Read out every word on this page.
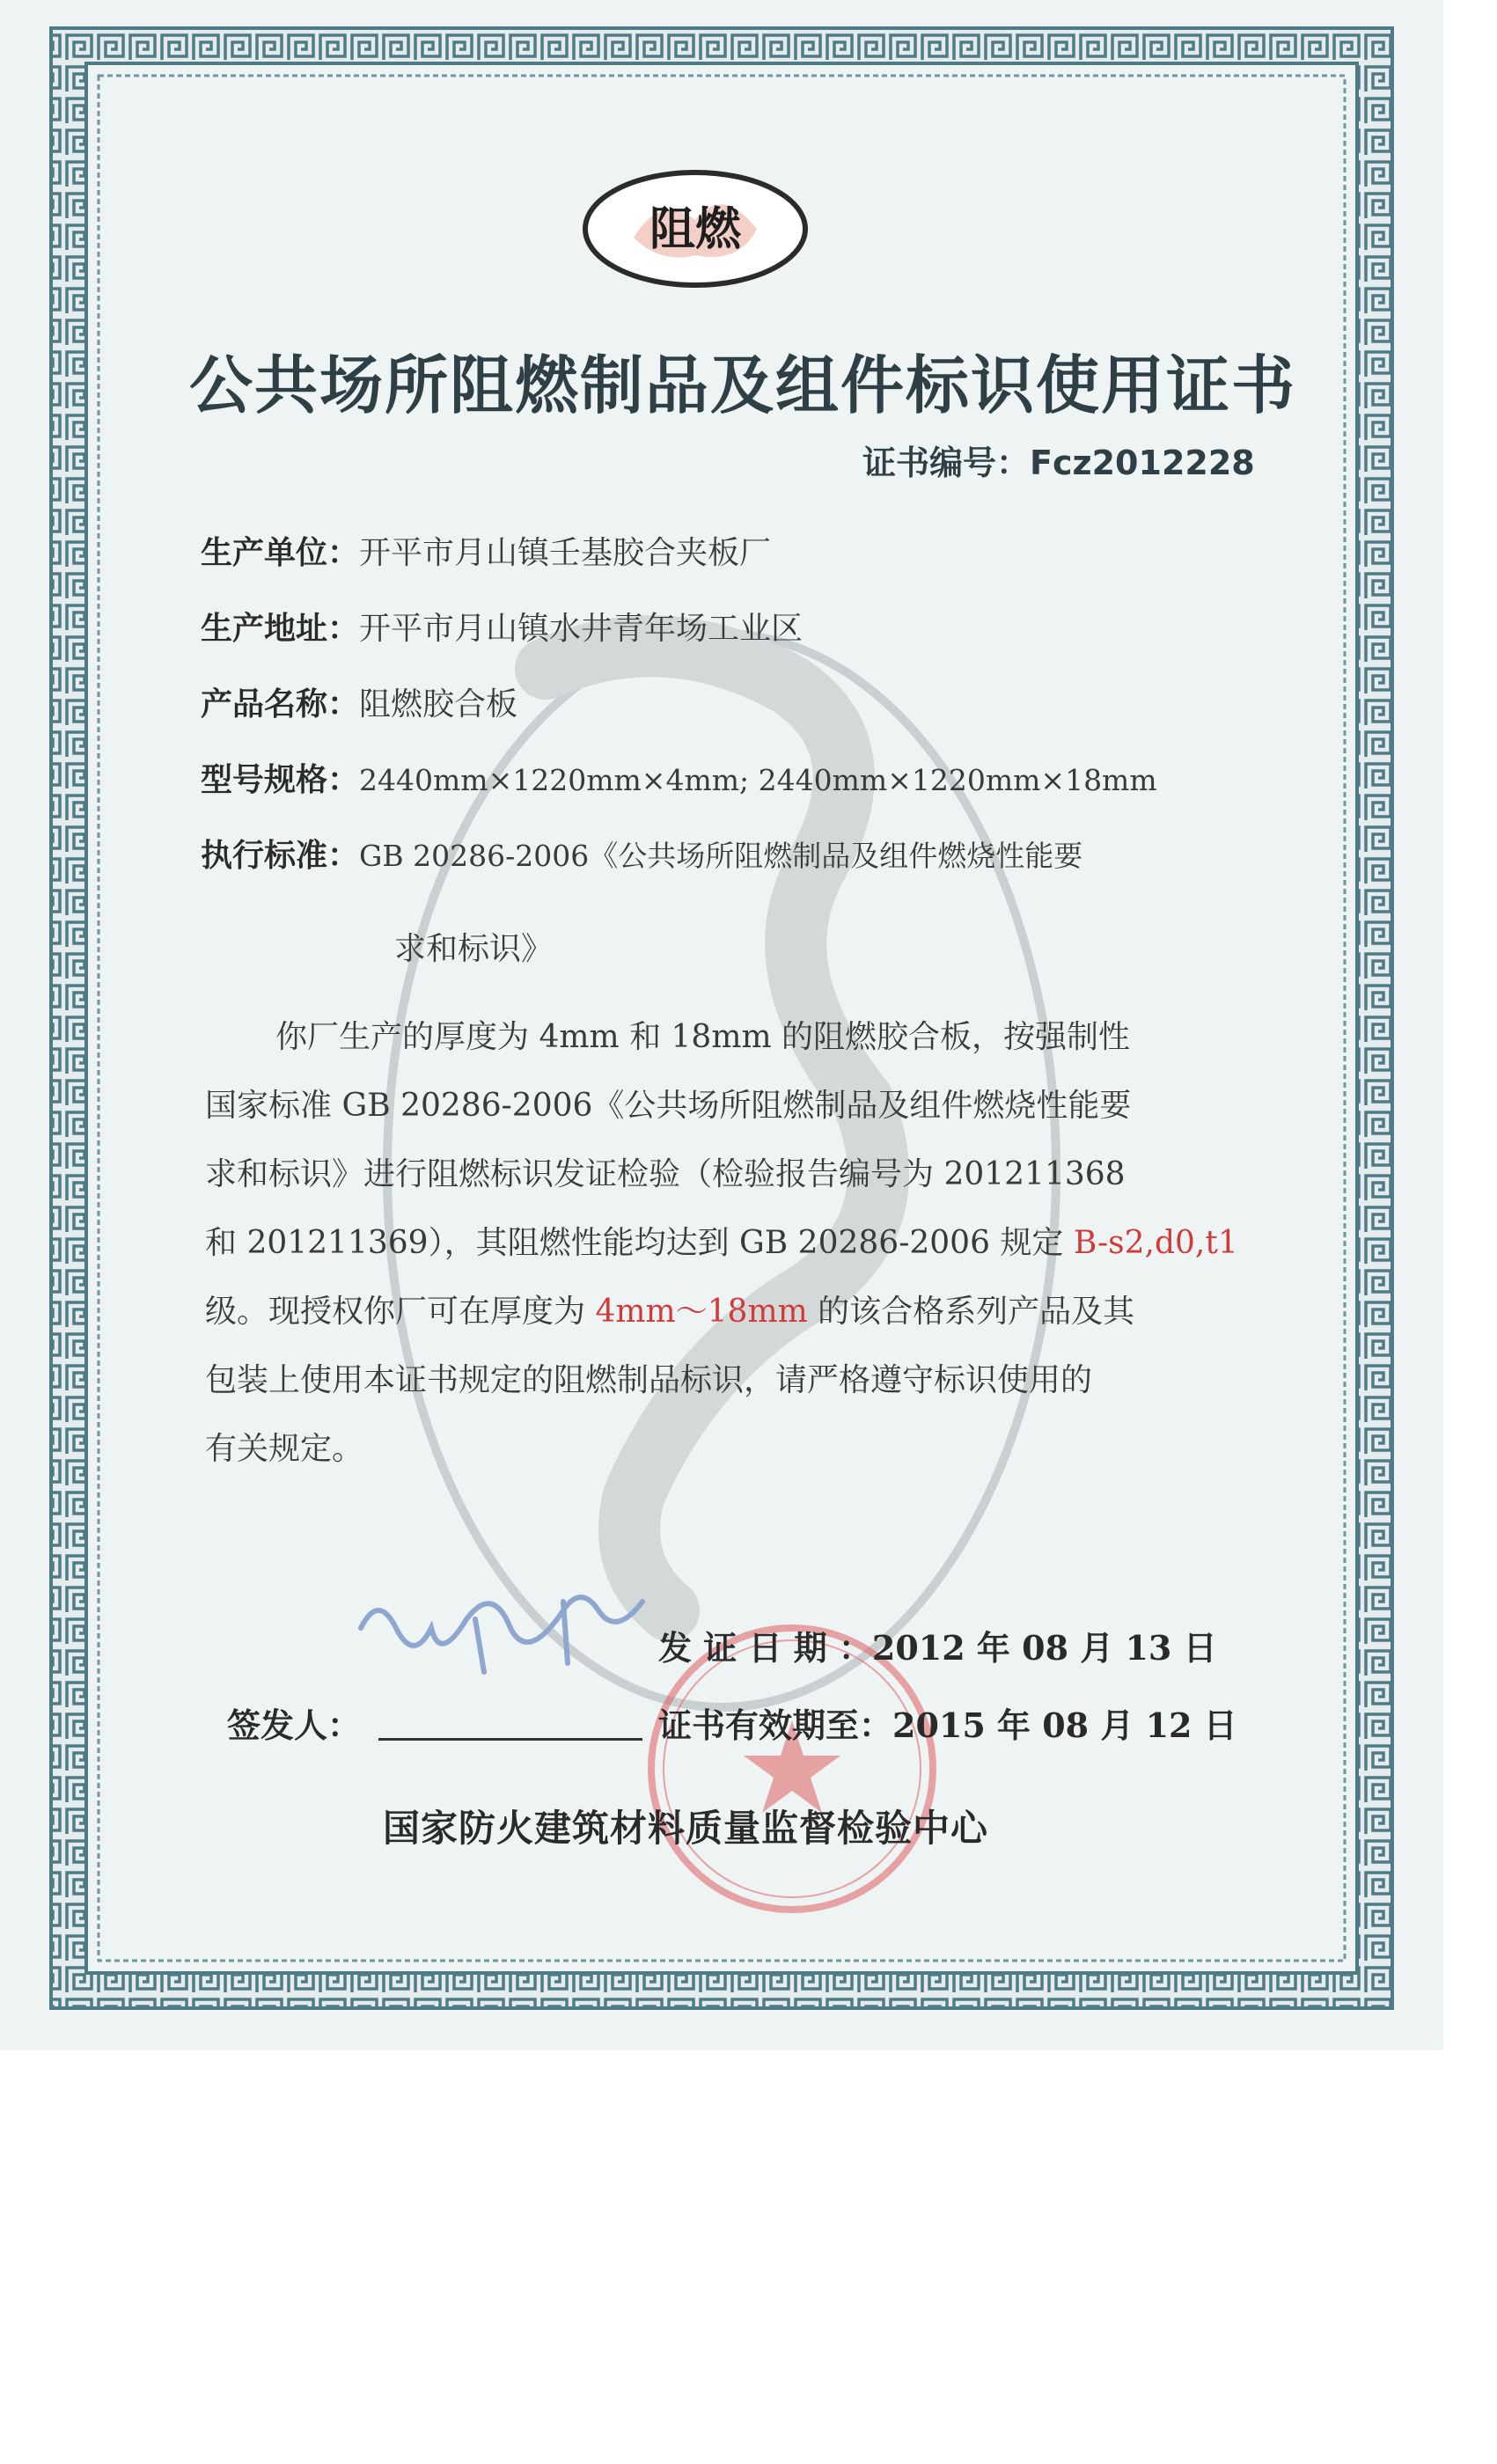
阻燃
公共场所阻燃制品及组件标识使用证书
证书编号：Fcz2012228
生产单位：开平市月山镇壬基胶合夹板厂
生产地址：开平市月山镇水井青年场工业区
产品名称：阻燃胶合板
型号规格：2440mm×1220mm×4mm; 2440mm×1220mm×18mm
执行标准：GB 20286-2006《公共场所阻燃制品及组件燃烧性能要
求和标识》
你厂生产的厚度为 4mm 和 18mm 的阻燃胶合板，按强制性
国家标准 GB 20286-2006《公共场所阻燃制品及组件燃烧性能要
求和标识》进行阻燃标识发证检验（检验报告编号为 201211368
和 201211369），其阻燃性能均达到 GB 20286-2006 规定 B-s2,d0,t1
级。现授权你厂可在厚度为 4mm～18mm 的该合格系列产品及其
包装上使用本证书规定的阻燃制品标识，请严格遵守标识使用的
有关规定。
发 证 日 期 ：2012 年 08 月 13 日
签发人：	证书有效期至：2015 年 08 月 12 日
国家防火建筑材料质量监督检验中心
